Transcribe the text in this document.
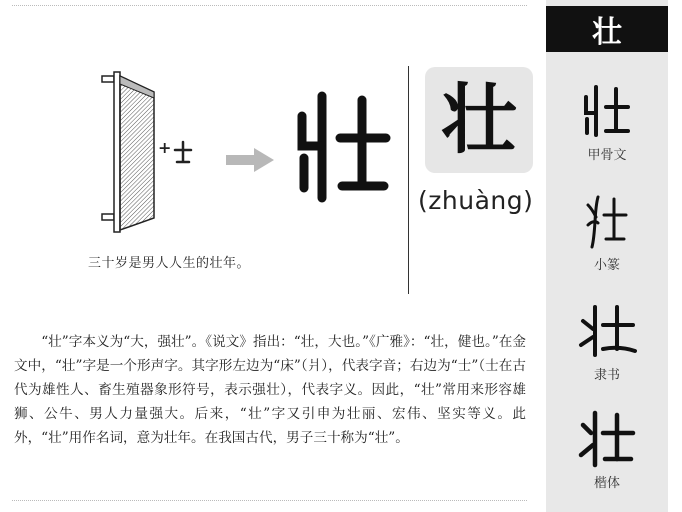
+
三十岁是男人人生的壮年。
壮
(zhuàng)
“壮”字本义为“大，强壮”。《说文》指出：“壮，大也。”《广雅》：“壮，健也。”在金文中，“壮”字是一个形声字。其字形左边为“床”（爿），代表字音；右边为“士”（士在古代为雄性人、畜生殖器象形符号，表示强壮），代表字义。因此，“壮”常用来形容雄狮、公牛、男人力量强大。后来，“壮”字又引申为壮丽、宏伟、坚实等义。此外，“壮”用作名词，意为壮年。在我国古代，男子三十称为“壮”。
壮
甲骨文
小篆
隶书
楷体
